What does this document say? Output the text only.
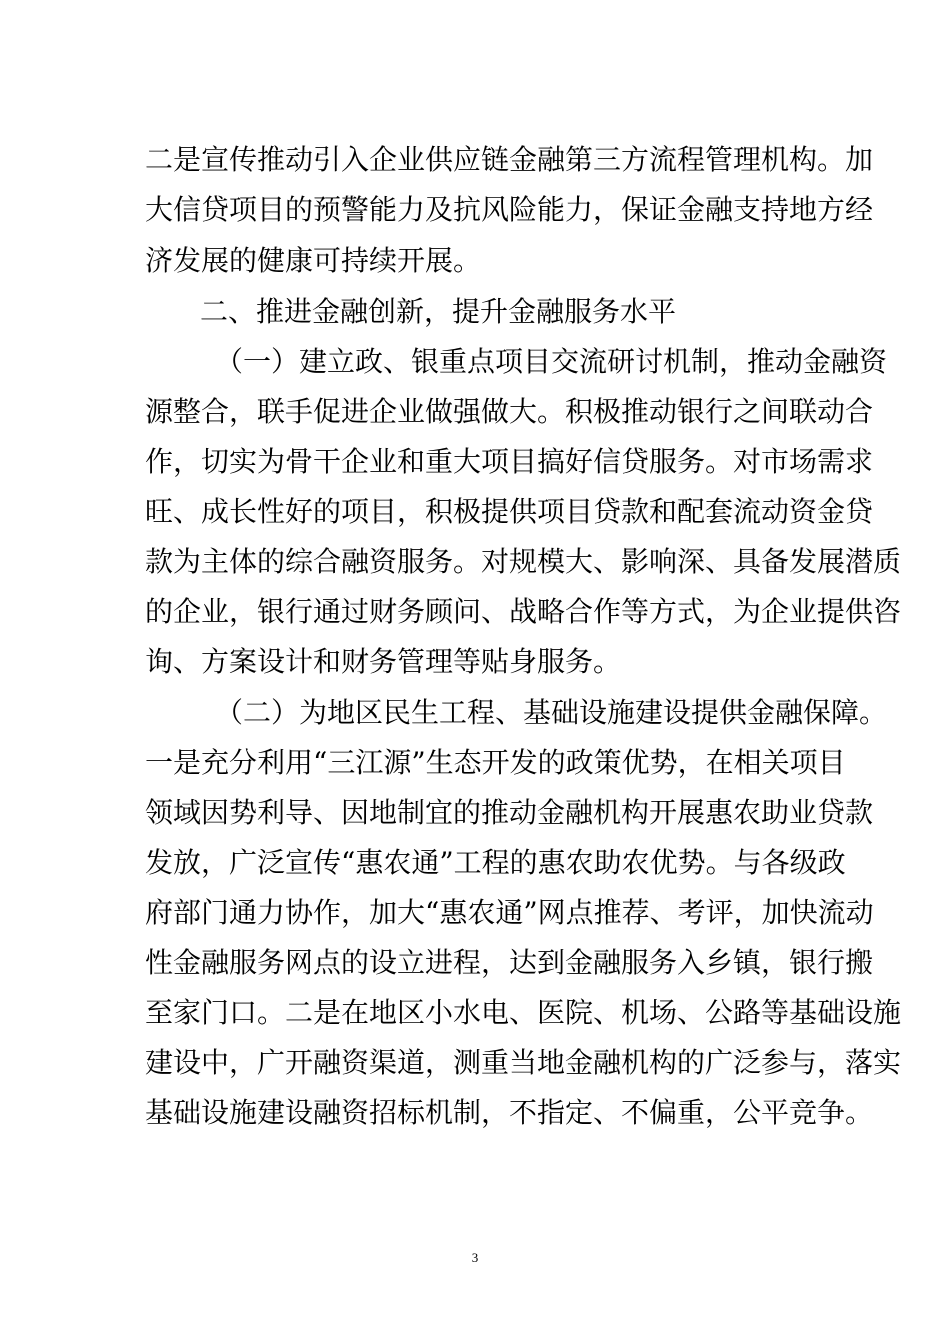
二是宣传推动引入企业供应链金融第三方流程管理机构。加
大信贷项目的预警能力及抗风险能力，保证金融支持地方经
济发展的健康可持续开展。
二、推进金融创新，提升金融服务水平
（一）建立政、银重点项目交流研讨机制，推动金融资
源整合，联手促进企业做强做大。积极推动银行之间联动合
作，切实为骨干企业和重大项目搞好信贷服务。对市场需求
旺、成长性好的项目，积极提供项目贷款和配套流动资金贷
款为主体的综合融资服务。对规模大、影响深、具备发展潜质
的企业，银行通过财务顾问、战略合作等方式，为企业提供咨
询、方案设计和财务管理等贴身服务。
（二）为地区民生工程、基础设施建设提供金融保障。
一是充分利用“三江源”生态开发的政策优势，在相关项目
领域因势利导、因地制宜的推动金融机构开展惠农助业贷款
发放，广泛宣传“惠农通”工程的惠农助农优势。与各级政
府部门通力协作，加大“惠农通”网点推荐、考评，加快流动
性金融服务网点的设立进程，达到金融服务入乡镇，银行搬
至家门口。二是在地区小水电、医院、机场、公路等基础设施
建设中，广开融资渠道，测重当地金融机构的广泛参与，落实
基础设施建设融资招标机制，不指定、不偏重，公平竞争。
3
